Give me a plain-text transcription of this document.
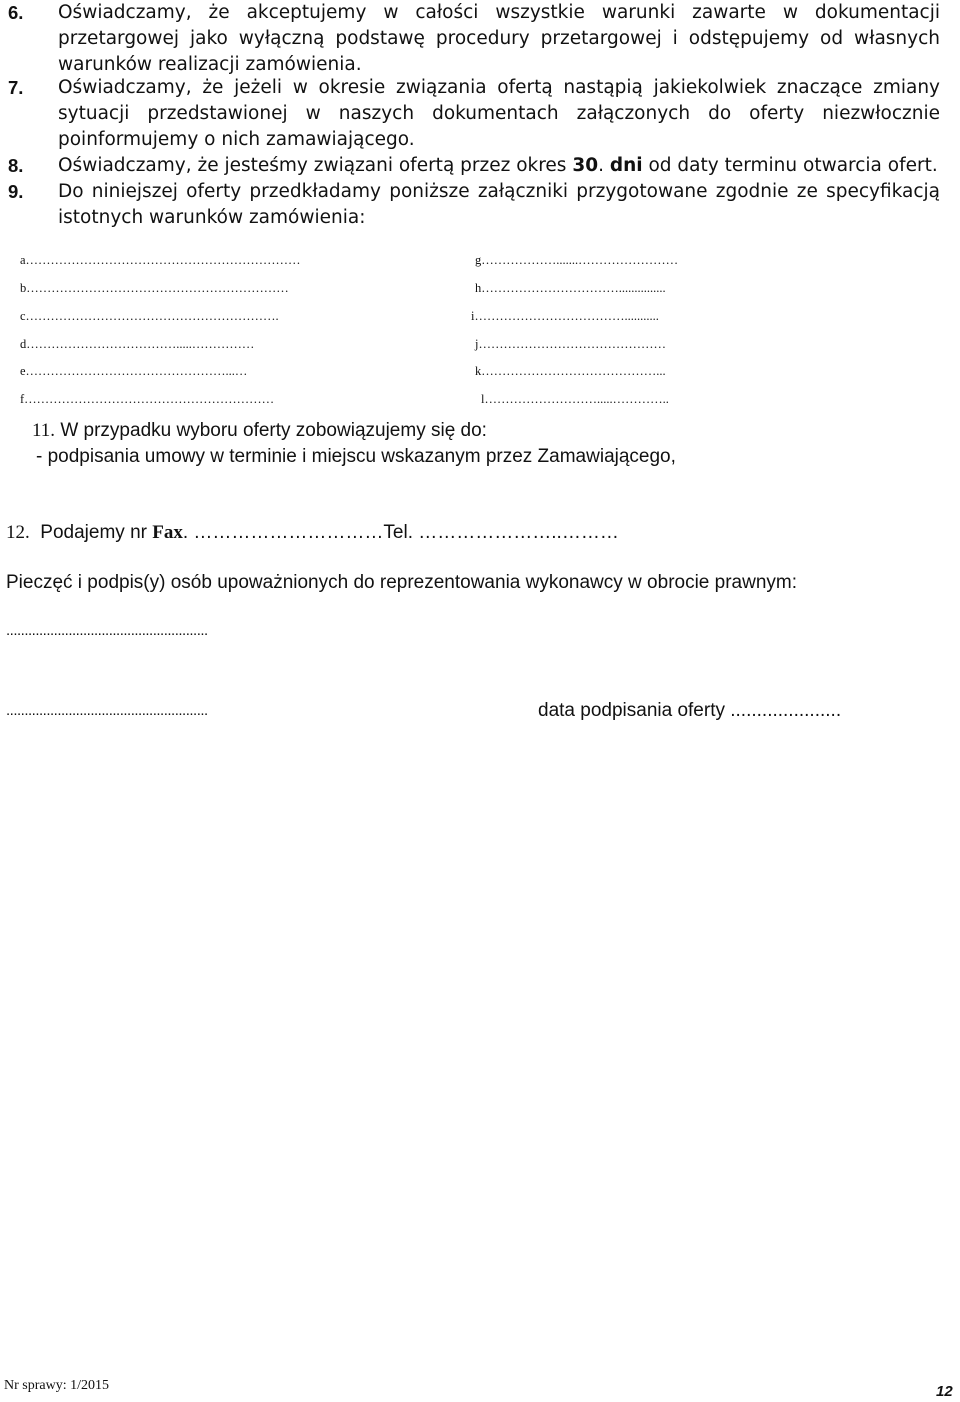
6. Oświadczamy, że akceptujemy w całości wszystkie warunki zawarte w dokumentacji przetargowej jako wyłączną podstawę procedury przetargowej i odstępujemy od własnych warunków realizacji zamówienia.
7. Oświadczamy, że jeżeli w okresie związania ofertą nastąpią jakiekolwiek znaczące zmiany sytuacji przedstawionej w naszych dokumentach załączonych do oferty niezwłocznie poinformujemy o nich zamawiającego.
8. Oświadczamy, że jesteśmy związani ofertą przez okres 30. dni od daty terminu otwarcia ofert.
9. Do niniejszej oferty przedkładamy poniższe załączniki przygotowane zgodnie ze specyfikacją istotnych warunków zamówienia:
a…………………………………………………………	g……………….......……………………
b………………………………………………………	h……………………………...............
c…………………………………………………….	i………………………………...........
d……………………………….....……………	j………………………………………
e…………………………………………...…	k……………………………………...
f……………………………………………………	l……………………….....…………..
11. W przypadku wyboru oferty zobowiązujemy się do:
- podpisania umowy w terminie i miejscu wskazanym przez Zamawiającego,
12.  Podajemy nr Fax. …………………………Tel. …………………..………
Pieczęć i podpis(y) osób upoważnionych do reprezentowania wykonawcy w obrocie prawnym:
.......................................................
.......................................................	data podpisania oferty .....................
Nr sprawy: 1/2015	12
